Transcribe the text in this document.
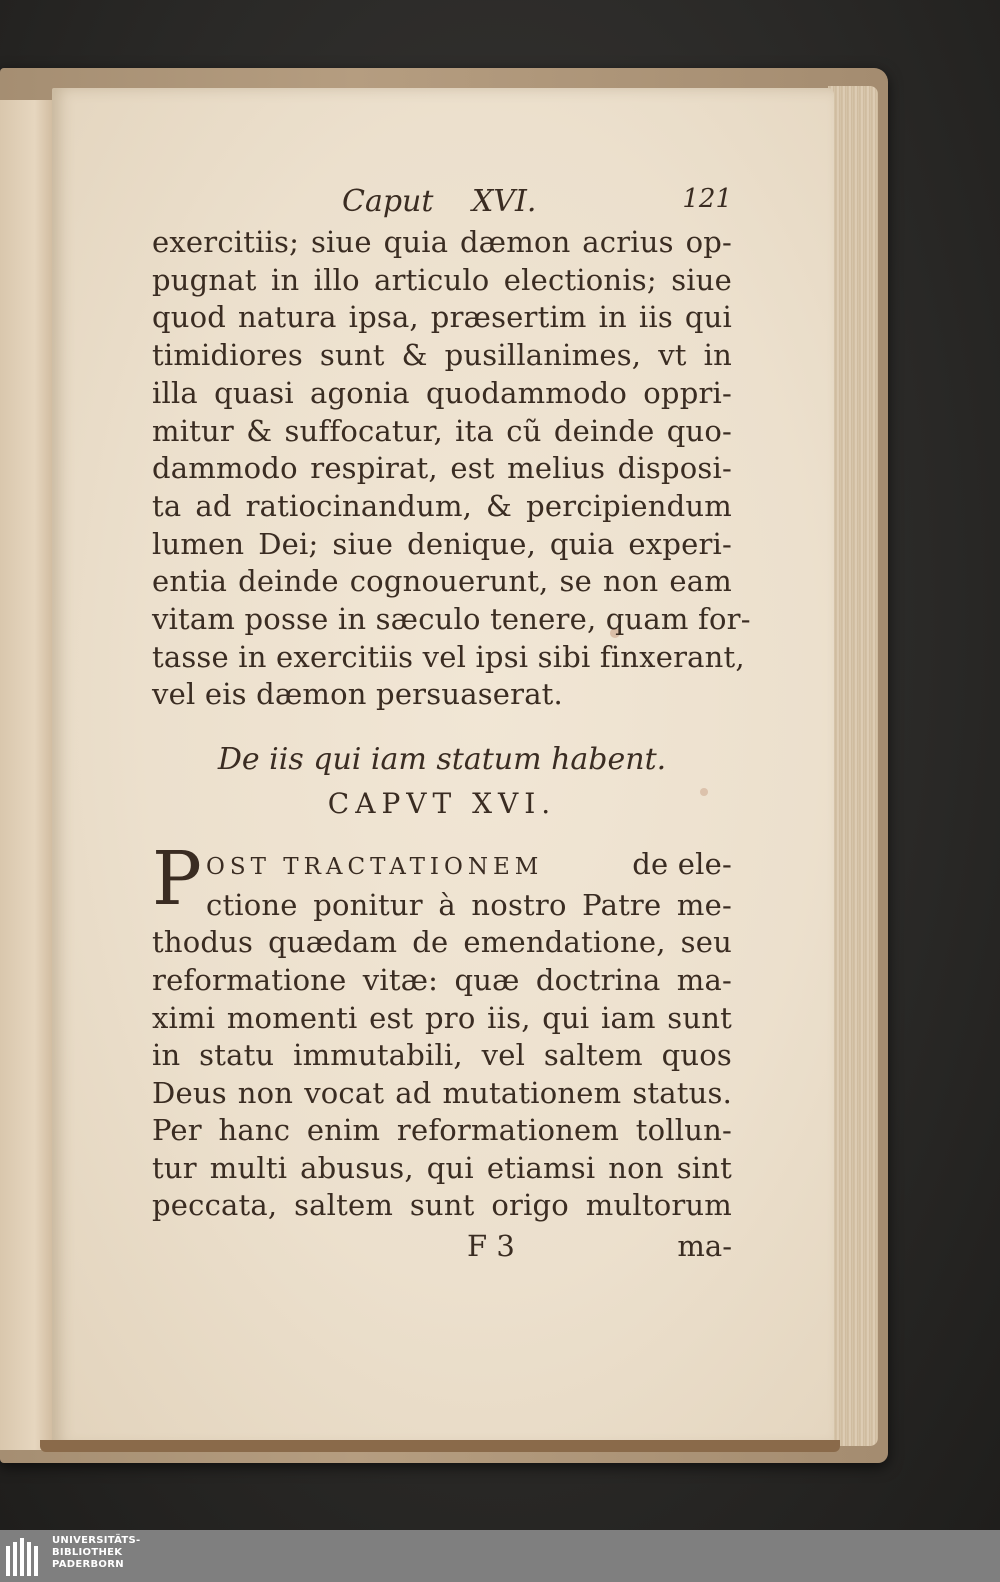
Caput XVI.	121
exercitiis; siue quia dæmon acrius op-
pugnat in illo articulo electionis; siue
quod natura ipsa, præsertim in iis qui
timidiores sunt & pusillanimes, vt in
illa quasi agonia quodammodo oppri-
mitur & suffocatur, ita cũ deinde quo-
dammodo respirat, est melius disposi-
ta ad ratiocinandum, & percipiendum
lumen Dei; siue denique, quia experi-
entia deinde cognouerunt, se non eam
vitam posse in sæculo tenere, quam for-
tasse in exercitiis vel ipsi sibi finxerant,
vel eis dæmon persuaserat.
De iis qui iam statum habent.
CAPVT XVI.
POST TRACTATIONEM	de ele-
ctione ponitur à nostro Patre me-
thodus quædam de emendatione, seu
reformatione vitæ: quæ doctrina ma-
ximi momenti est pro iis, qui iam sunt
in statu immutabili, vel saltem quos
Deus non vocat ad mutationem status.
Per hanc enim reformationem tollun-
tur multi abusus, qui etiamsi non sint
peccata, saltem sunt origo multorum
F 3	ma-
UNIVERSITÄTS-
BIBLIOTHEK
PADERBORN
